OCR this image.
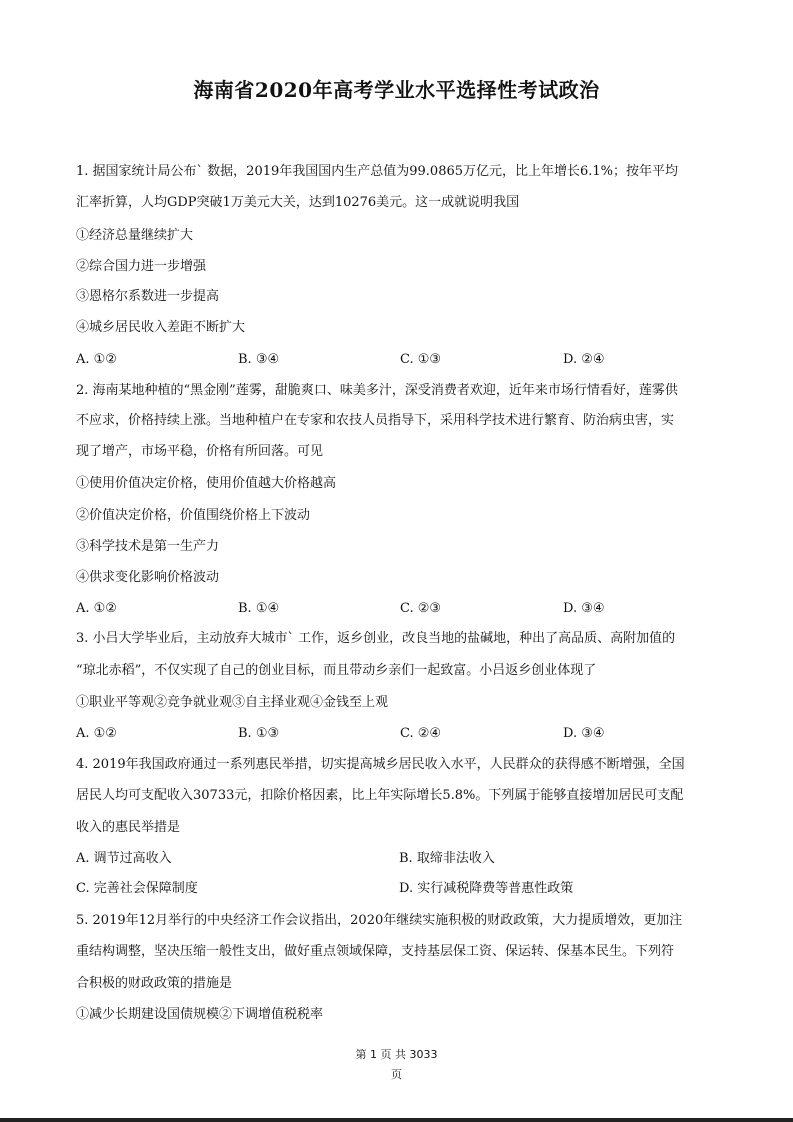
海南省2020年高考学业水平选择性考试政治
1. 据国家统计局公布` 数据，2019年我国国内生产总值为99.0865万亿元，比上年增长6.1%；按年平均
汇率折算，人均GDP突破1万美元大关，达到10276美元。这一成就说明我国
①经济总量继续扩大
②综合国力进一步增强
③恩格尔系数进一步提高
④城乡居民收入差距不断扩大
A. ①②	B. ③④	C. ①③	D. ②④
2. 海南某地种植的“黑金刚”莲雾，甜脆爽口、味美多汁，深受消费者欢迎，近年来市场行情看好，莲雾供
不应求，价格持续上涨。当地种植户在专家和农技人员指导下，采用科学技术进行繁育、防治病虫害，实
现了增产，市场平稳，价格有所回落。可见
①使用价值决定价格，使用价值越大价格越高
②价值决定价格，价值围绕价格上下波动
③科学技术是第一生产力
④供求变化影响价格波动
A. ①②	B. ①④	C. ②③	D. ③④
3. 小吕大学毕业后，主动放弃大城市` 工作，返乡创业，改良当地的盐碱地，种出了高品质、高附加值的
“琼北赤稻”，不仅实现了自己的创业目标，而且带动乡亲们一起致富。小吕返乡创业体现了
①职业平等观②竞争就业观③自主择业观④金钱至上观
A. ①②	B. ①③	C. ②④	D. ③④
4. 2019年我国政府通过一系列惠民举措，切实提高城乡居民收入水平，人民群众的获得感不断增强，全国
居民人均可支配收入30733元，扣除价格因素，比上年实际增长5.8%。下列属于能够直接增加居民可支配
收入的惠民举措是
A. 调节过高收入	B. 取缔非法收入
C. 完善社会保障制度	D. 实行减税降费等普惠性政策
5. 2019年12月举行的中央经济工作会议指出，2020年继续实施积极的财政政策，大力提质增效，更加注
重结构调整，坚决压缩一般性支出，做好重点领域保障，支持基层保工资、保运转、保基本民生。下列符
合积极的财政政策的措施是
①减少长期建设国债规模②下调增值税税率
第 1 页 共 3033
页
